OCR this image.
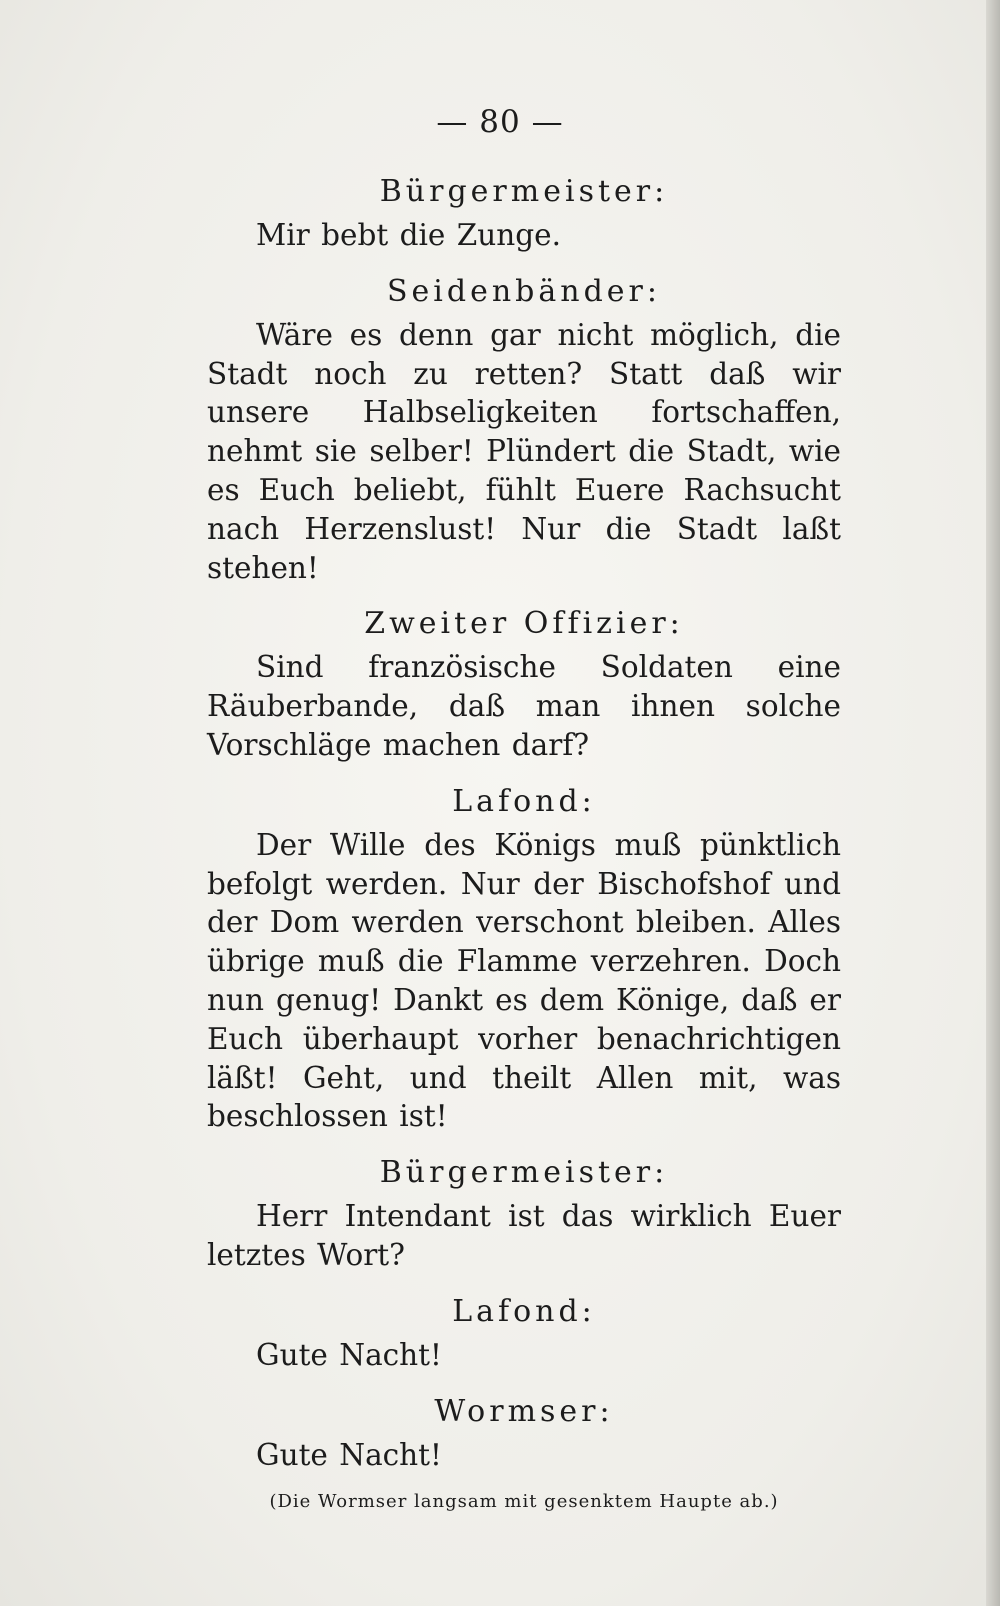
— 80 —
Bürgermeister:

Mir bebt die Zunge.

Seidenbänder:

Wäre es denn gar nicht möglich, die Stadt noch zu retten? Statt daß wir unsere Halbseligkeiten fortschaffen, nehmt sie selber! Plündert die Stadt, wie es Euch beliebt, fühlt Euere Rachsucht nach Herzenslust! Nur die Stadt laßt stehen!

Zweiter Offizier:

Sind französische Soldaten eine Räuberbande, daß man ihnen solche Vorschläge machen darf?

Lafond:

Der Wille des Königs muß pünktlich befolgt werden. Nur der Bischofshof und der Dom werden verschont bleiben. Alles übrige muß die Flamme verzehren. Doch nun genug! Dankt es dem Könige, daß er Euch überhaupt vorher benachrichtigen läßt! Geht, und theilt Allen mit, was beschlossen ist!

Bürgermeister:

Herr Intendant ist das wirklich Euer letztes Wort?

Lafond:

Gute Nacht!

Wormser:

Gute Nacht!

(Die Wormser langsam mit gesenktem Haupte ab.)
